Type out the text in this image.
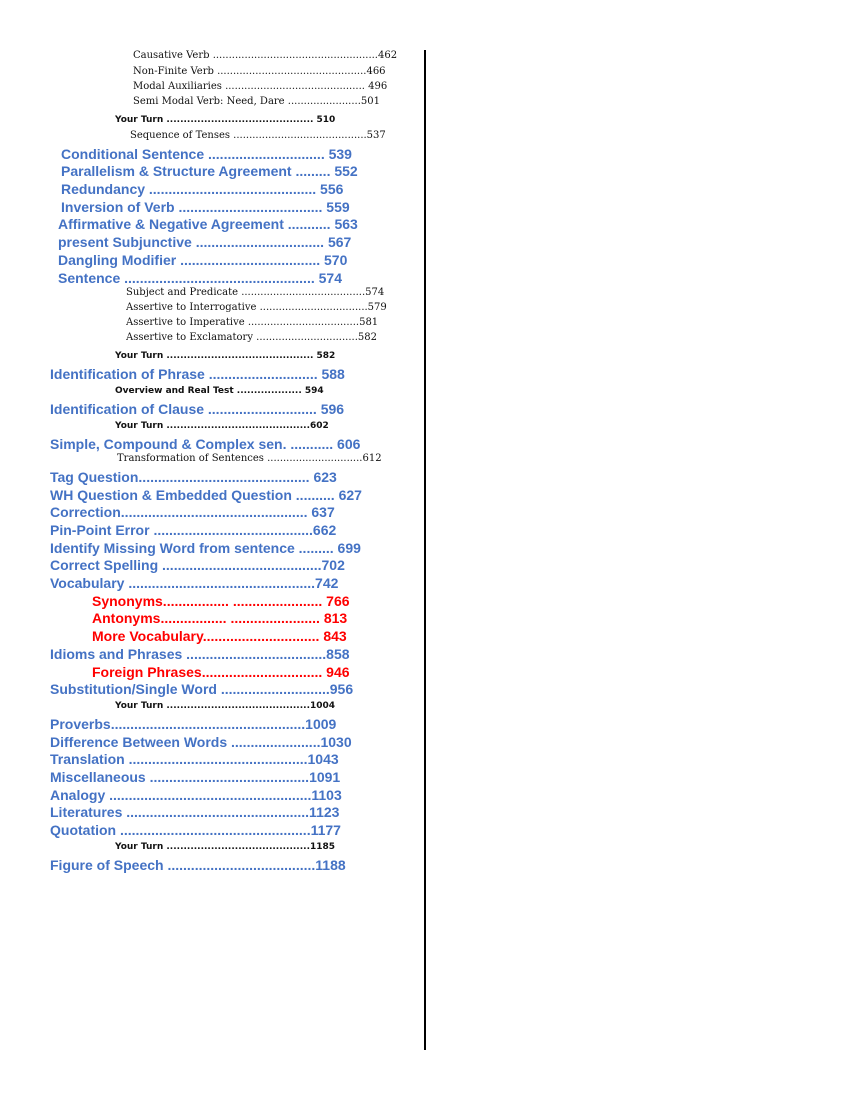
Causative Verb ....................................................462
Non-Finite Verb ...............................................466
Modal Auxiliaries ............................................ 496
Semi Modal Verb: Need, Dare .......................501
Your Turn ........................................... 510
Sequence of Tenses ..........................................537
Conditional Sentence .............................. 539
Parallelism & Structure Agreement ......... 552
Redundancy ........................................... 556
Inversion of Verb ..................................... 559
Affirmative & Negative Agreement ........... 563
present Subjunctive ................................. 567
Dangling Modifier .................................... 570
Sentence ................................................. 574
Subject and Predicate .......................................574
Assertive to Interrogative ..................................579
Assertive to Imperative ...................................581
Assertive to Exclamatory ................................582
Your Turn ........................................... 582
Identification of Phrase ............................ 588
Overview and Real Test ................... 594
Identification of Clause ............................ 596
Your Turn ..........................................602
Simple, Compound & Complex sen. ........... 606
Transformation of Sentences ..............................612
Tag Question............................................ 623
WH Question & Embedded Question .......... 627
Correction................................................ 637
Pin-Point Error .........................................662
Identify Missing Word from sentence ......... 699
Correct Spelling .........................................702
Vocabulary ................................................742
Synonyms................. ....................... 766
Antonyms................. ....................... 813
More Vocabulary.............................. 843
Idioms and Phrases ....................................858
Foreign Phrases............................... 946
Substitution/Single Word ............................956
Your Turn ..........................................1004
Proverbs..................................................1009
Difference Between Words .......................1030
Translation ..............................................1043
Miscellaneous .........................................1091
Analogy ....................................................1103
Literatures ...............................................1123
Quotation .................................................1177
Your Turn ..........................................1185
Figure of Speech ......................................1188
